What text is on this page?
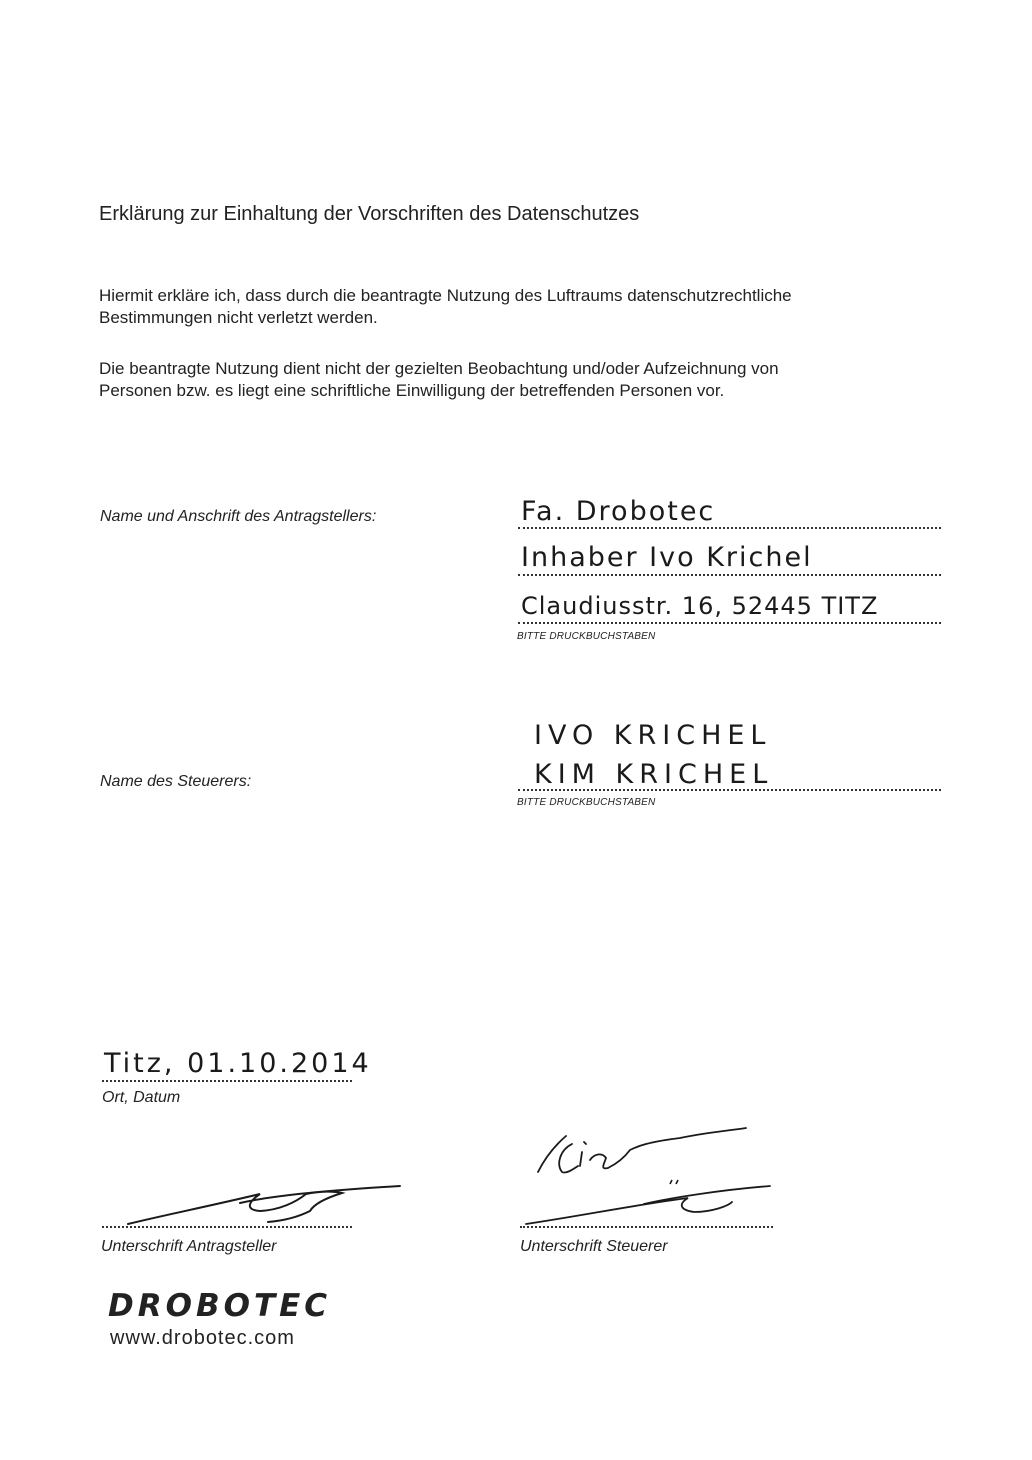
Erklärung zur Einhaltung der Vorschriften des Datenschutzes
Hiermit erkläre ich, dass durch die beantragte Nutzung des Luftraums datenschutzrechtliche
Bestimmungen nicht verletzt werden.
Die beantragte Nutzung dient nicht der gezielten Beobachtung und/oder Aufzeichnung von
Personen bzw. es liegt eine schriftliche Einwilligung der betreffenden Personen vor.
Name und Anschrift des Antragstellers:	Fa. Drobotec
Inhaber Ivo Krichel
Claudiusstr. 16, 52445 TITZ
BITTE DRUCKBUCHSTABEN
Name des Steuerers:
IVO KRICHEL
KIM KRICHEL
BITTE DRUCKBUCHSTABEN
Titz, 01.10.2014
Ort, Datum
Unterschrift Antragsteller	Unterschrift Steuerer
DROBOTEC
www.drobotec.com
